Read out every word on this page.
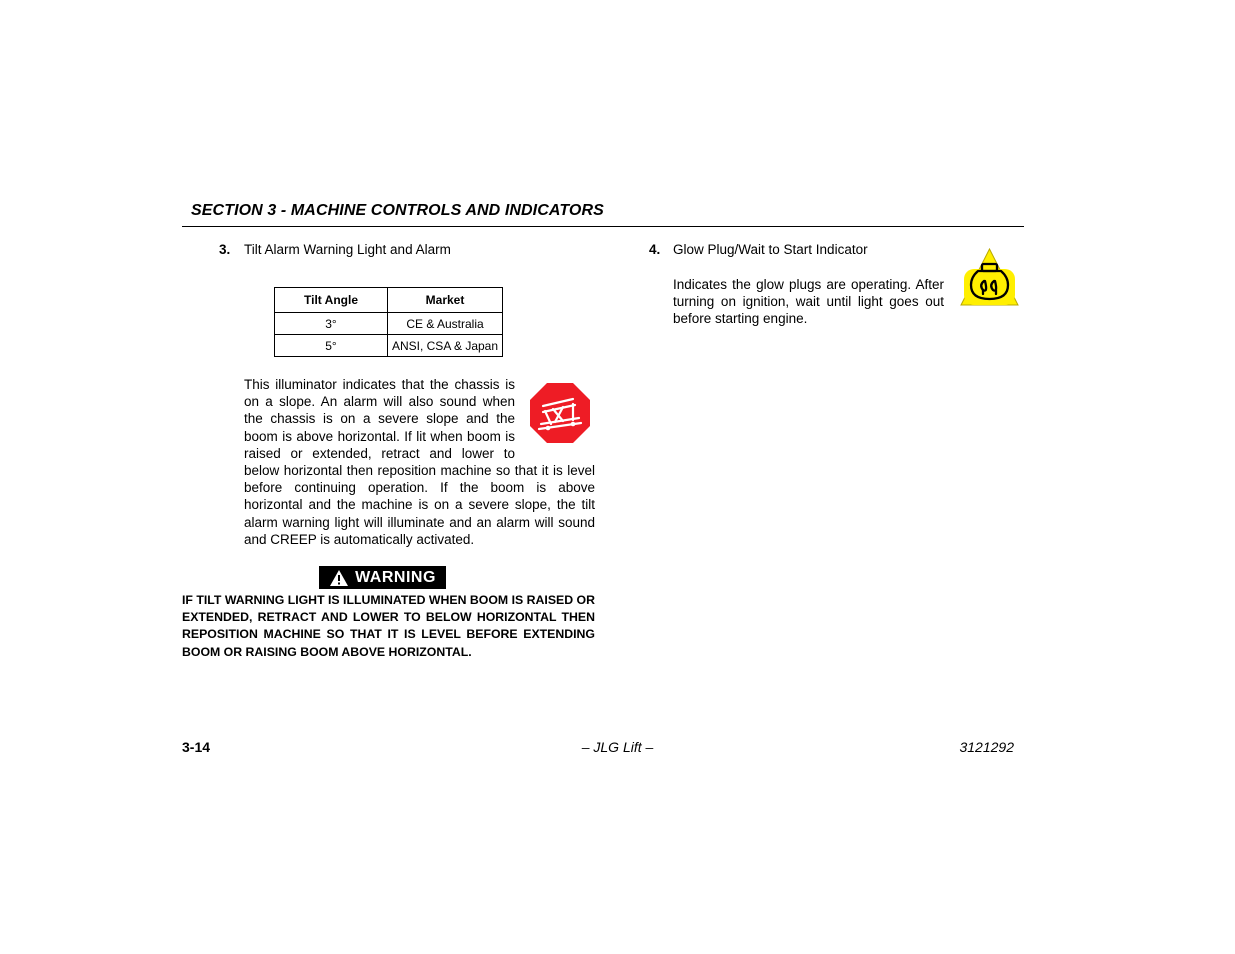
SECTION 3 - MACHINE CONTROLS AND INDICATORS
3. Tilt Alarm Warning Light and Alarm
Tilt Angle	Market
3°	CE & Australia
5°	ANSI, CSA & Japan
This illuminator indicates that the chassis is on a slope. An alarm will also sound when the chassis is on a severe slope and the boom is above horizontal. If lit when boom is raised or extended, retract and lower to below horizontal then reposition machine so that it is level before continuing operation. If the boom is above horizontal and the machine is on a severe slope, the tilt alarm warning light will illuminate and an alarm will sound and CREEP is automatically activated.
WARNING
IF TILT WARNING LIGHT IS ILLUMINATED WHEN BOOM IS RAISED OR EXTENDED, RETRACT AND LOWER TO BELOW HORIZONTAL THEN REPOSITION MACHINE SO THAT IT IS LEVEL BEFORE EXTENDING BOOM OR RAISING BOOM ABOVE HORIZONTAL.
4. Glow Plug/Wait to Start Indicator
Indicates the glow plugs are operating. After turning on ignition, wait until light goes out before starting engine.
3-14	– JLG Lift –	3121292
